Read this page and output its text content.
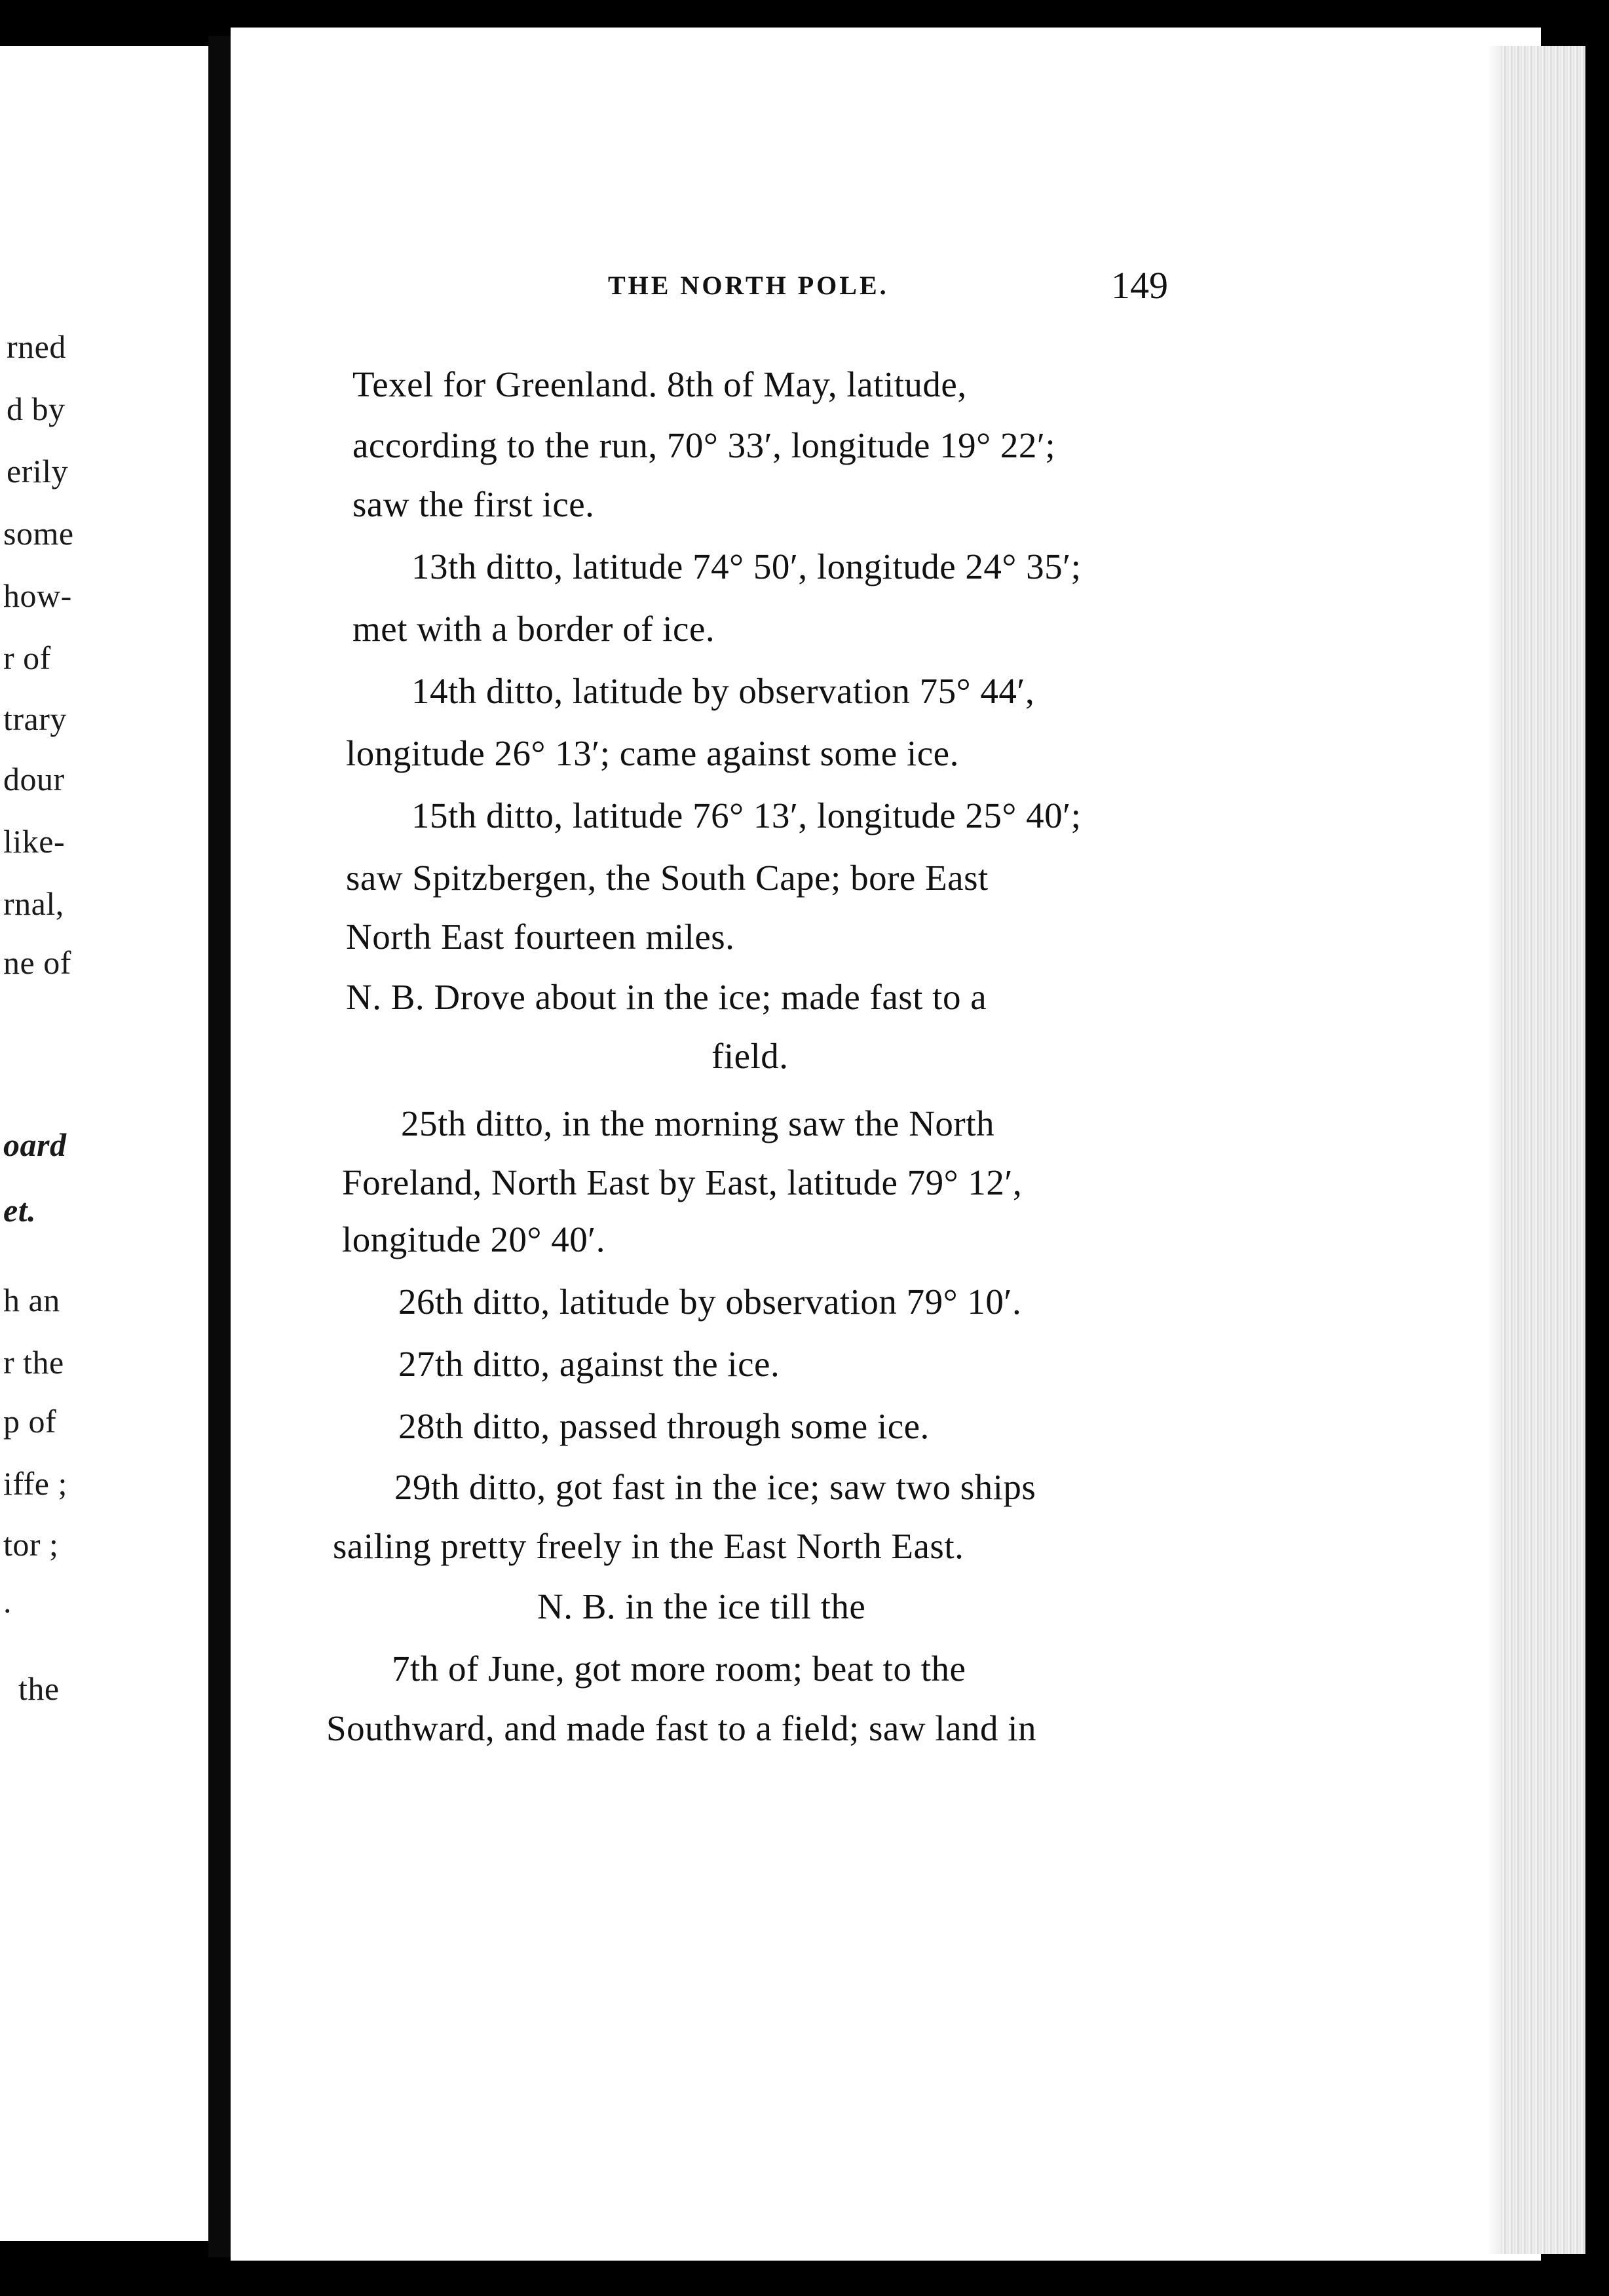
rned
d by
erily
some
how-
r of
trary
dour
like-
rnal,
ne of
oard
et.
h an
r the
p of
iffe ;
tor ;
.
the
THE NORTH POLE.	149
Texel for Greenland. 8th of May, latitude,
according to the run, 70° 33′, longitude 19° 22′;
saw the first ice.
13th ditto, latitude 74° 50′, longitude 24° 35′;
met with a border of ice.
14th ditto, latitude by observation 75° 44′,
longitude 26° 13′; came against some ice.
15th ditto, latitude 76° 13′, longitude 25° 40′;
saw Spitzbergen, the South Cape; bore East
North East fourteen miles.
N. B. Drove about in the ice; made fast to a
field.
25th ditto, in the morning saw the North
Foreland, North East by East, latitude 79° 12′,
longitude 20° 40′.
26th ditto, latitude by observation 79° 10′.
27th ditto, against the ice.
28th ditto, passed through some ice.
29th ditto, got fast in the ice; saw two ships
sailing pretty freely in the East North East.
N. B. in the ice till the
7th of June, got more room; beat to the
Southward, and made fast to a field; saw land in
